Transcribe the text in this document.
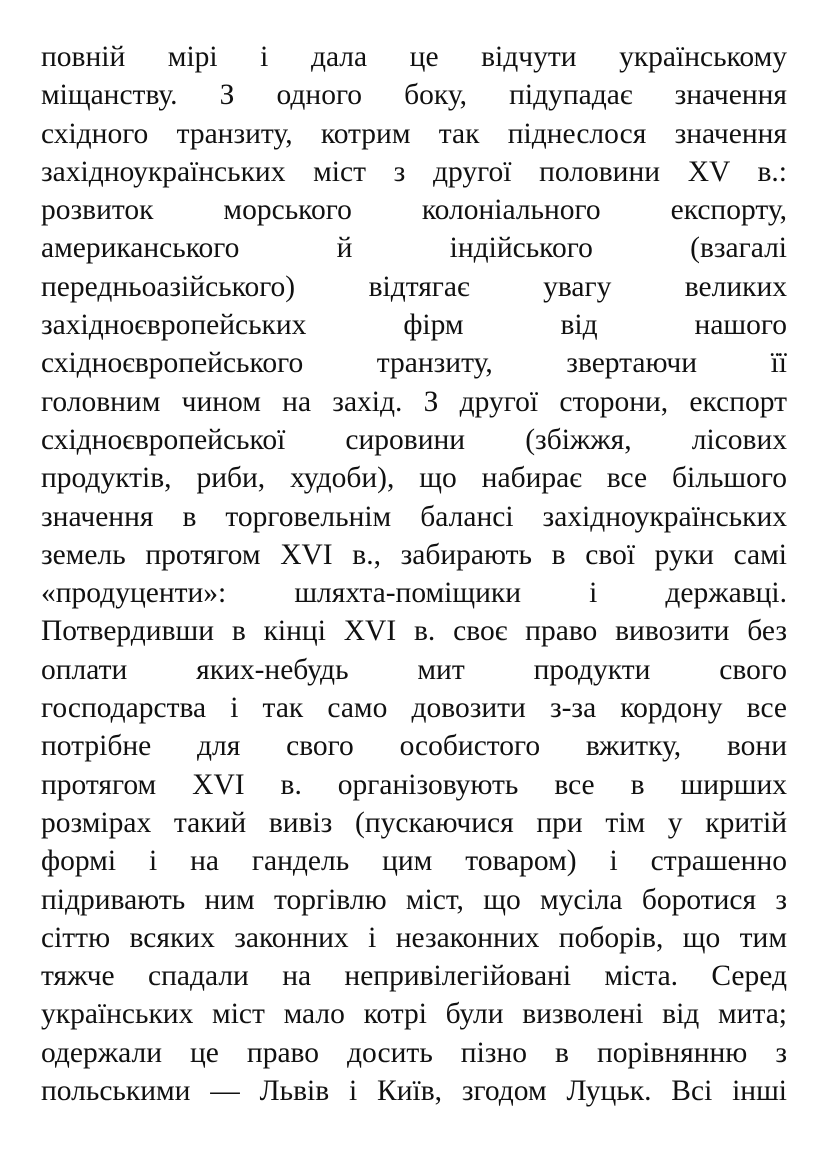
повній мірі і дала це відчути українському
міщанству. З одного боку, підупадає значення
східного транзиту, котрим так піднеслося значення
західноукраїнських міст з другої половини XV в.:
розвиток морського колоніального експорту,
американського й індійського (взагалі
передньоазійського) відтягає увагу великих
західноєвропейських фірм від нашого
східноєвропейського транзиту, звертаючи її
головним чином на захід. З другої сторони, експорт
східноєвропейської сировини (збіжжя, лісових
продуктів, риби, худоби), що набирає все більшого
значення в торговельнім балансі західноукраїнських
земель протягом XVI в., забирають в свої руки самі
«продуценти»: шляхта-поміщики і державці.
Потвердивши в кінці XVI в. своє право вивозити без
оплати яких-небудь мит продукти свого
господарства і так само довозити з-за кордону все
потрібне для свого особистого вжитку, вони
протягом XVI в. організовують все в ширших
розмірах такий вивіз (пускаючися при тім у критій
формі і на гандель цим товаром) і страшенно
підривають ним торгівлю міст, що мусіла боротися з
сіттю всяких законних і незаконних поборів, що тим
тяжче спадали на непривілегійовані міста. Серед
українських міст мало котрі були визволені від мита;
одержали це право досить пізно в порівнянню з
польськими — Львів і Київ, згодом Луцьк. Всі інші
